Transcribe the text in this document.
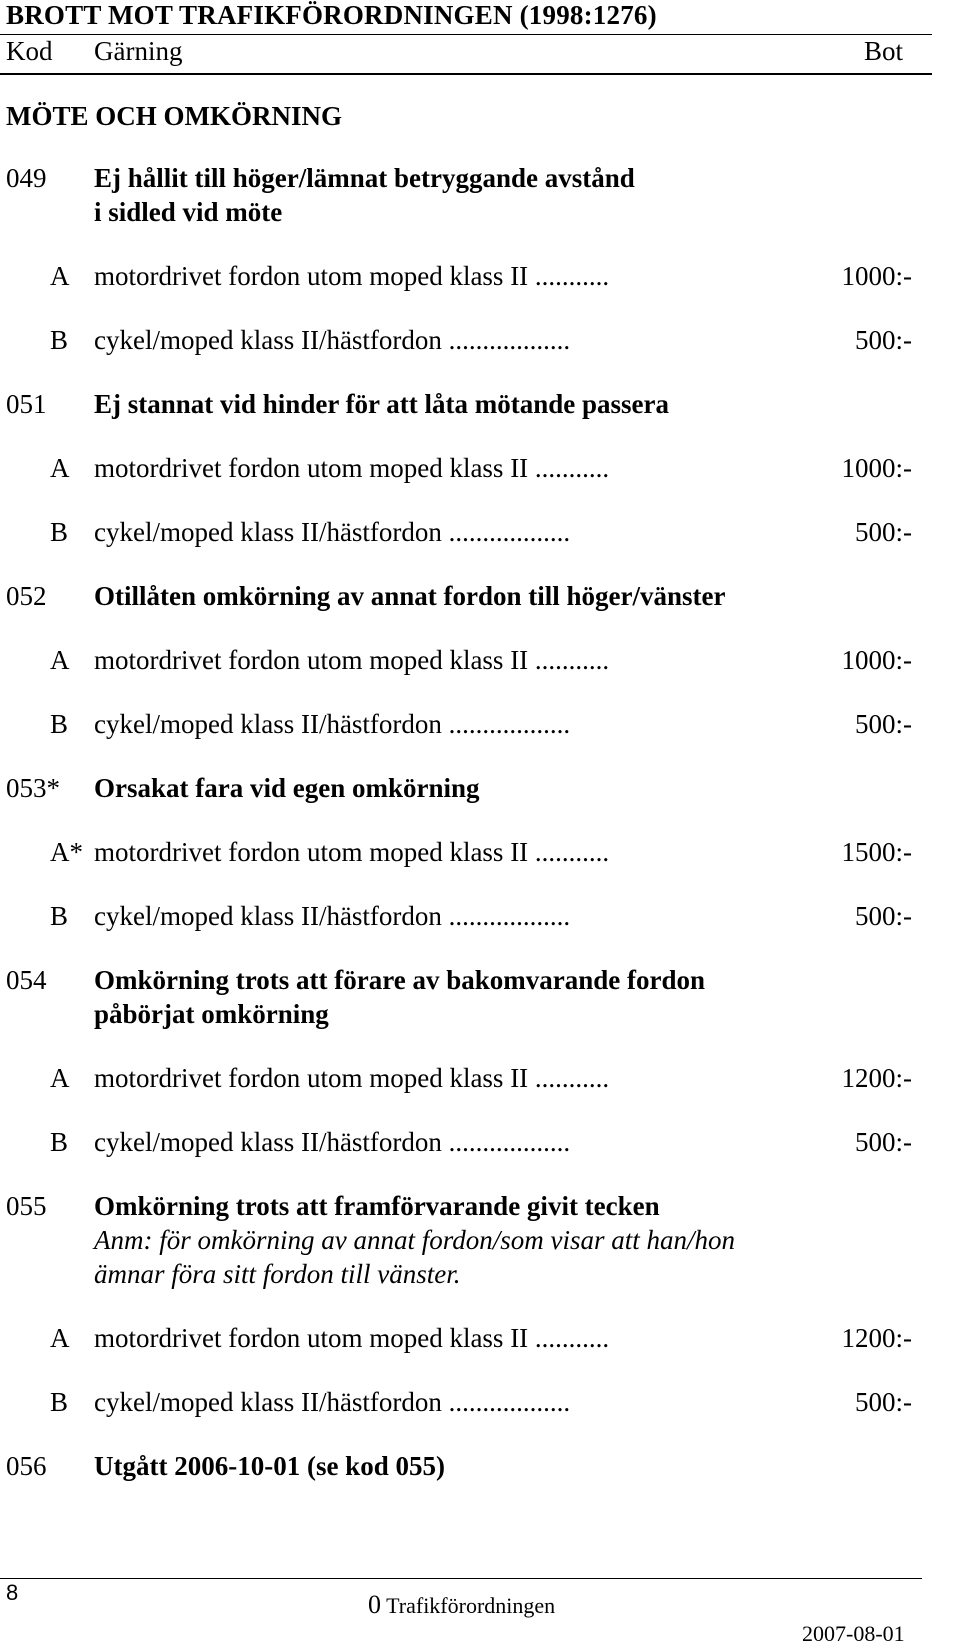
BROTT MOT TRAFIKFÖRORDNINGEN (1998:1276)
Kod Gärning	Bot
MÖTE OCH OMKÖRNING
049 Ej hållit till höger/lämnat betryggande avstånd
i sidled vid möte
A motordrivet fordon utom moped klass II ...........	1000:-
B cykel/moped klass II/hästfordon ..................	500:-
051 Ej stannat vid hinder för att låta mötande passera
A motordrivet fordon utom moped klass II ...........	1000:-
B cykel/moped klass II/hästfordon ..................	500:-
052 Otillåten omkörning av annat fordon till höger/vänster
A motordrivet fordon utom moped klass II ...........	1000:-
B cykel/moped klass II/hästfordon ..................	500:-
053* Orsakat fara vid egen omkörning
A* motordrivet fordon utom moped klass II ...........	1500:-
B cykel/moped klass II/hästfordon ..................	500:-
054 Omkörning trots att förare av bakomvarande fordon
påbörjat omkörning
A motordrivet fordon utom moped klass II ...........	1200:-
B cykel/moped klass II/hästfordon ..................	500:-
055 Omkörning trots att framförvarande givit tecken
Anm: för omkörning av annat fordon/som visar att han/hon
ämnar föra sitt fordon till vänster.
A motordrivet fordon utom moped klass II ...........	1200:-
B cykel/moped klass II/hästfordon ..................	500:-
056 Utgått 2006-10-01 (se kod 055)
8	0 Trafikförordningen
2007-08-01
